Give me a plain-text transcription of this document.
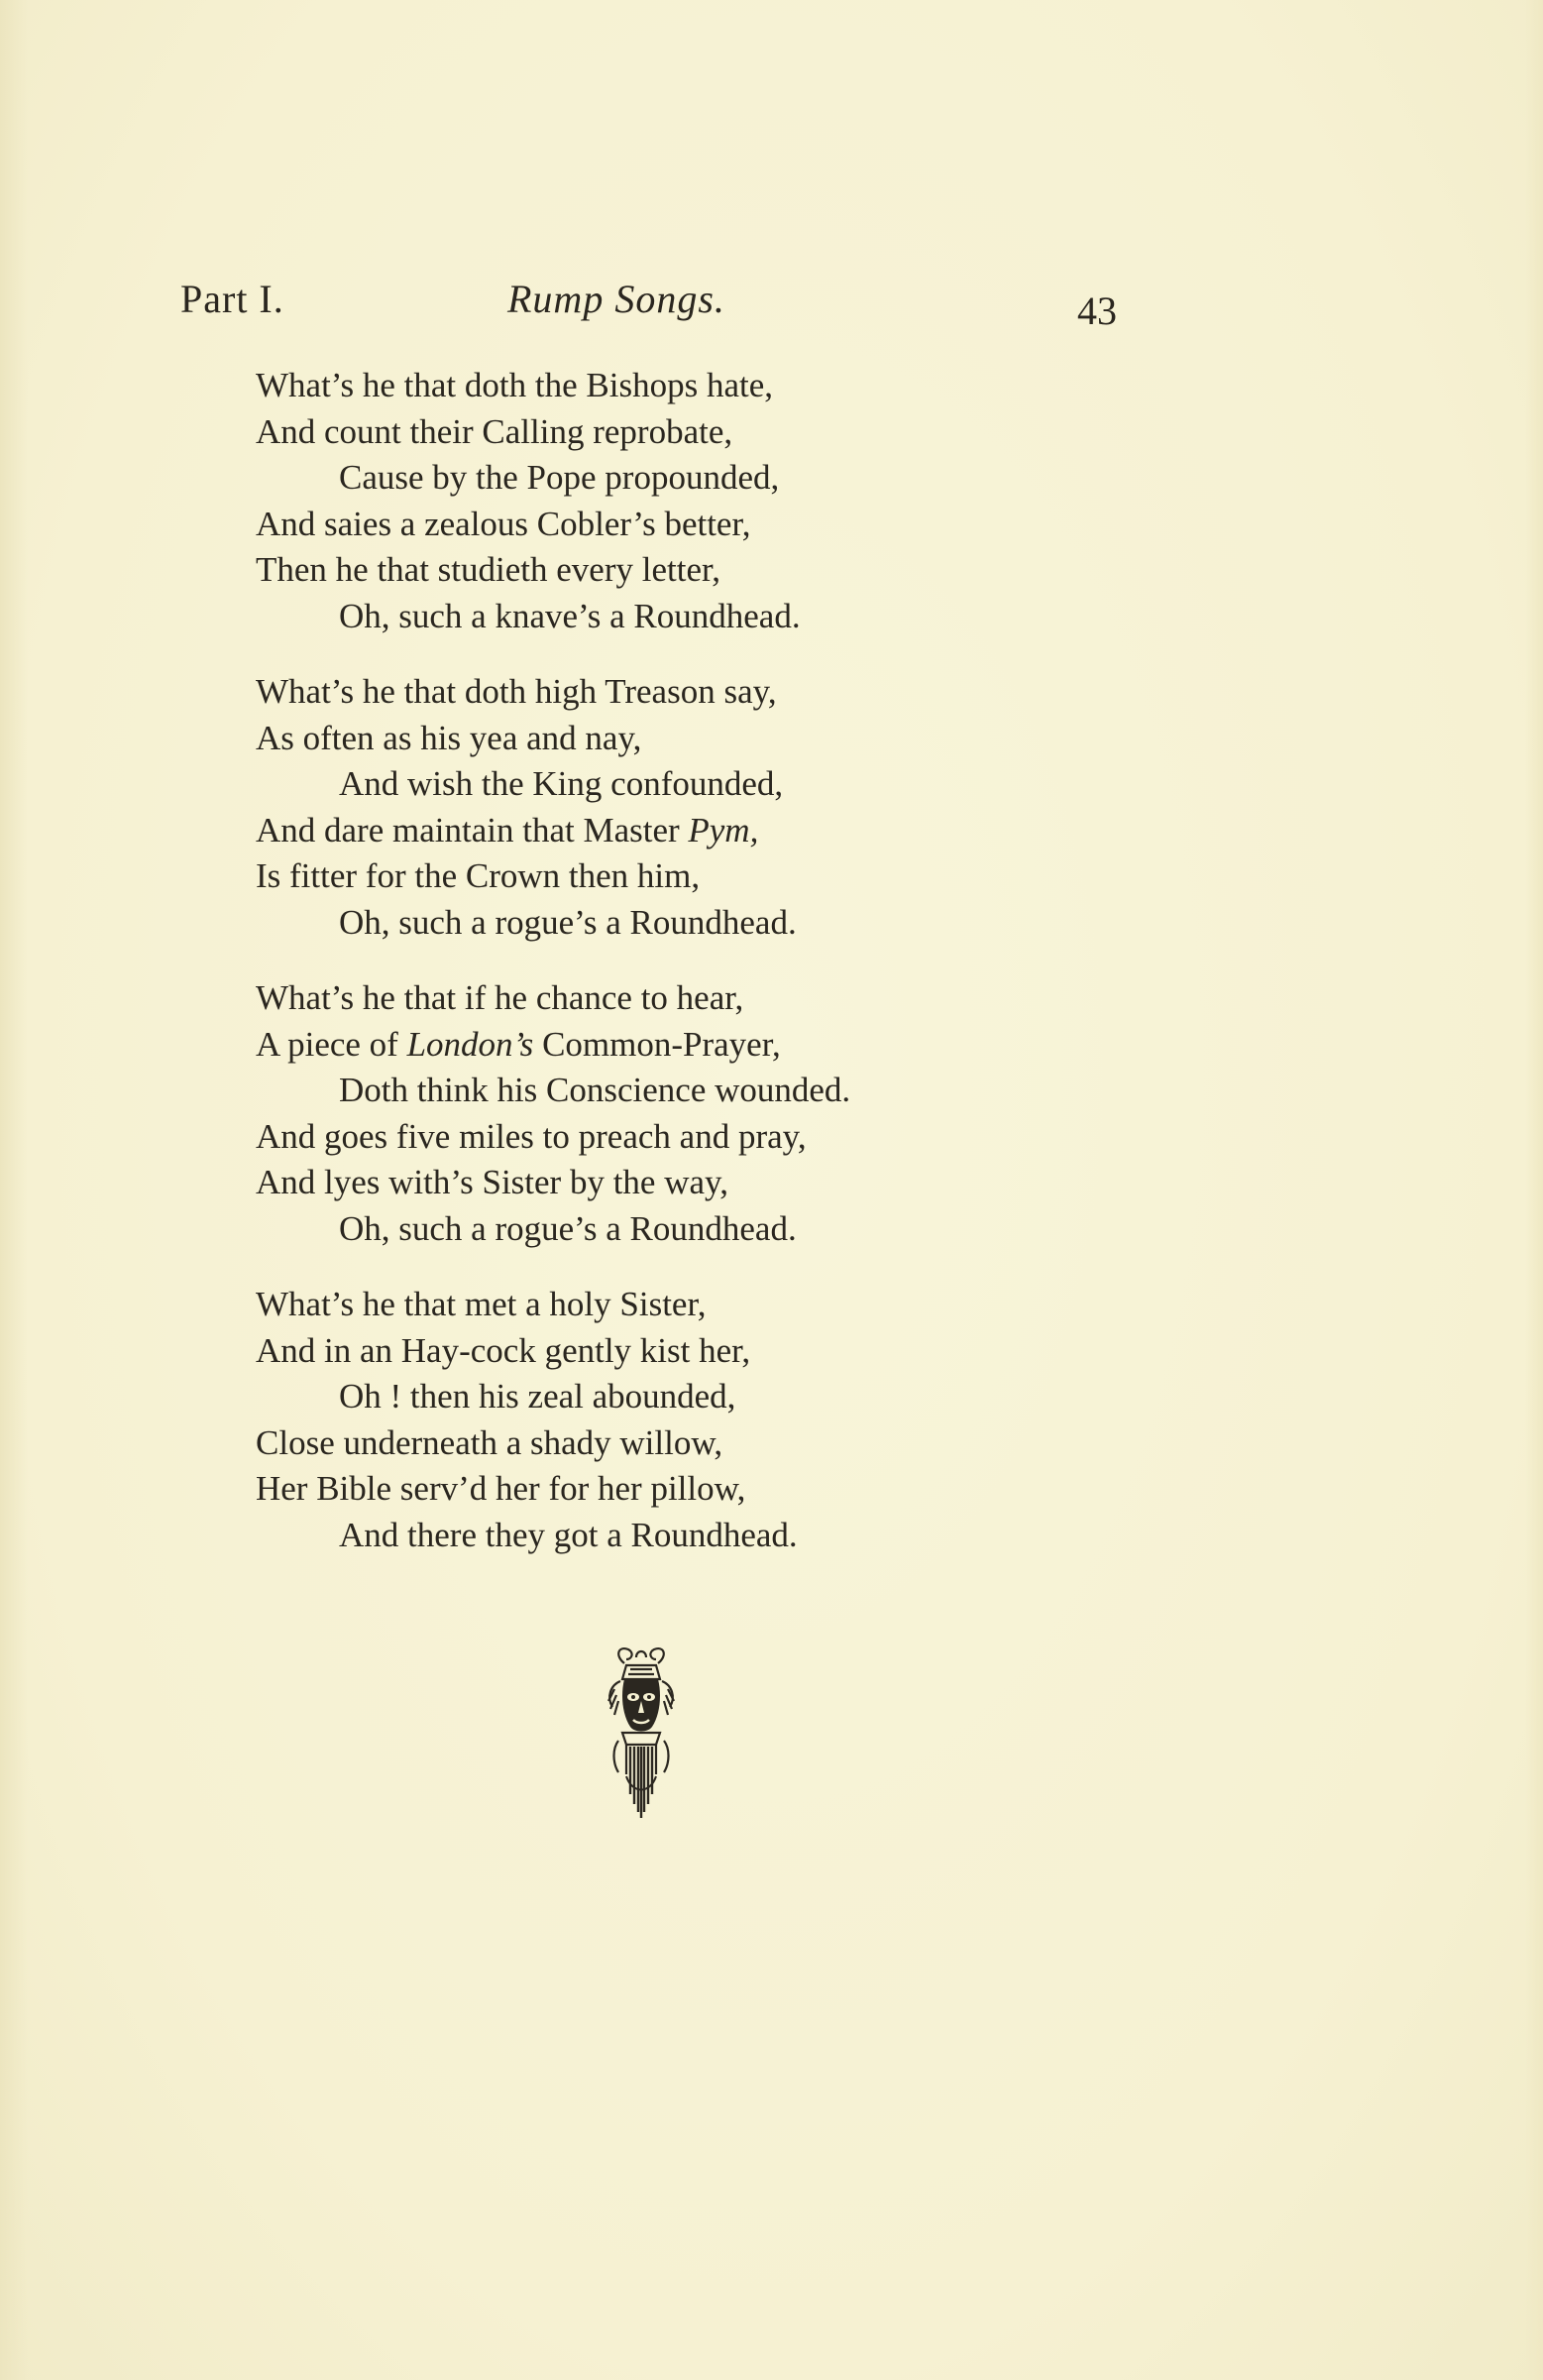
Part I.	Rump Songs.	43
What’s he that doth the Bishops hate,
And count their Calling reprobate,
Cause by the Pope propounded,
And saies a zealous Cobler’s better,
Then he that studieth every letter,
Oh, such a knave’s a Roundhead.
What’s he that doth high Treason say,
As often as his yea and nay,
And wish the King confounded,
And dare maintain that Master Pym,
Is fitter for the Crown then him,
Oh, such a rogue’s a Roundhead.
What’s he that if he chance to hear,
A piece of London’s Common-Prayer,
Doth think his Conscience wounded.
And goes five miles to preach and pray,
And lyes with’s Sister by the way,
Oh, such a rogue’s a Roundhead.
What’s he that met a holy Sister,
And in an Hay-cock gently kist her,
Oh ! then his zeal abounded,
Close underneath a shady willow,
Her Bible serv’d her for her pillow,
And there they got a Roundhead.
